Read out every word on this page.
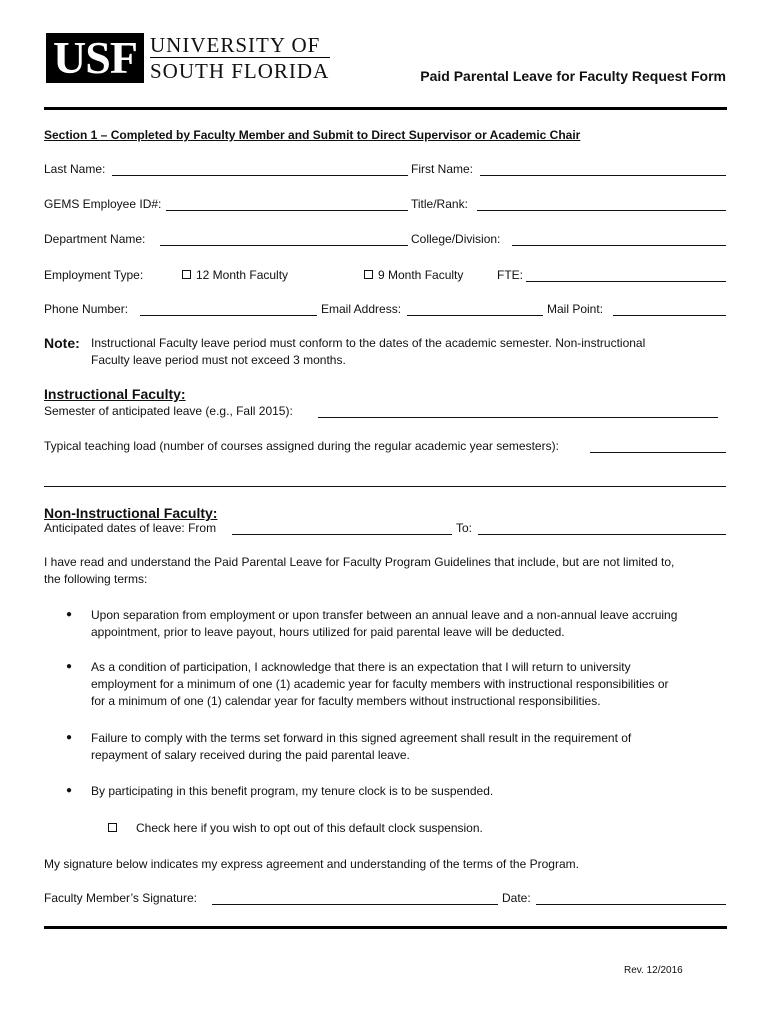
USF UNIVERSITY OF
SOUTH FLORIDA	Paid Parental Leave for Faculty Request Form
Section 1 – Completed by Faculty Member and Submit to Direct Supervisor or Academic Chair
Last Name:	First Name:
GEMS Employee ID#:	Title/Rank:
Department Name:	College/Division:
Employment Type:	12 Month Faculty	9 Month Faculty	FTE:
Phone Number:	Email Address:	Mail Point:
Note: Instructional Faculty leave period must conform to the dates of the academic semester. Non-instructional
Faculty leave period must not exceed 3 months.
Instructional Faculty:
Semester of anticipated leave (e.g., Fall 2015):
Typical teaching load (number of courses assigned during the regular academic year semesters):
Non-Instructional Faculty:
Anticipated dates of leave: From	To:
I have read and understand the Paid Parental Leave for Faculty Program Guidelines that include, but are not limited to,
the following terms:
● Upon separation from employment or upon transfer between an annual leave and a non-annual leave accruing
appointment, prior to leave payout, hours utilized for paid parental leave will be deducted.
● As a condition of participation, I acknowledge that there is an expectation that I will return to university
employment for a minimum of one (1) academic year for faculty members with instructional responsibilities or
for a minimum of one (1) calendar year for faculty members without instructional responsibilities.
● Failure to comply with the terms set forward in this signed agreement shall result in the requirement of
repayment of salary received during the paid parental leave.
● By participating in this benefit program, my tenure clock is to be suspended.
Check here if you wish to opt out of this default clock suspension.
My signature below indicates my express agreement and understanding of the terms of the Program.
Faculty Member’s Signature:	Date:
Rev. 12/2016
